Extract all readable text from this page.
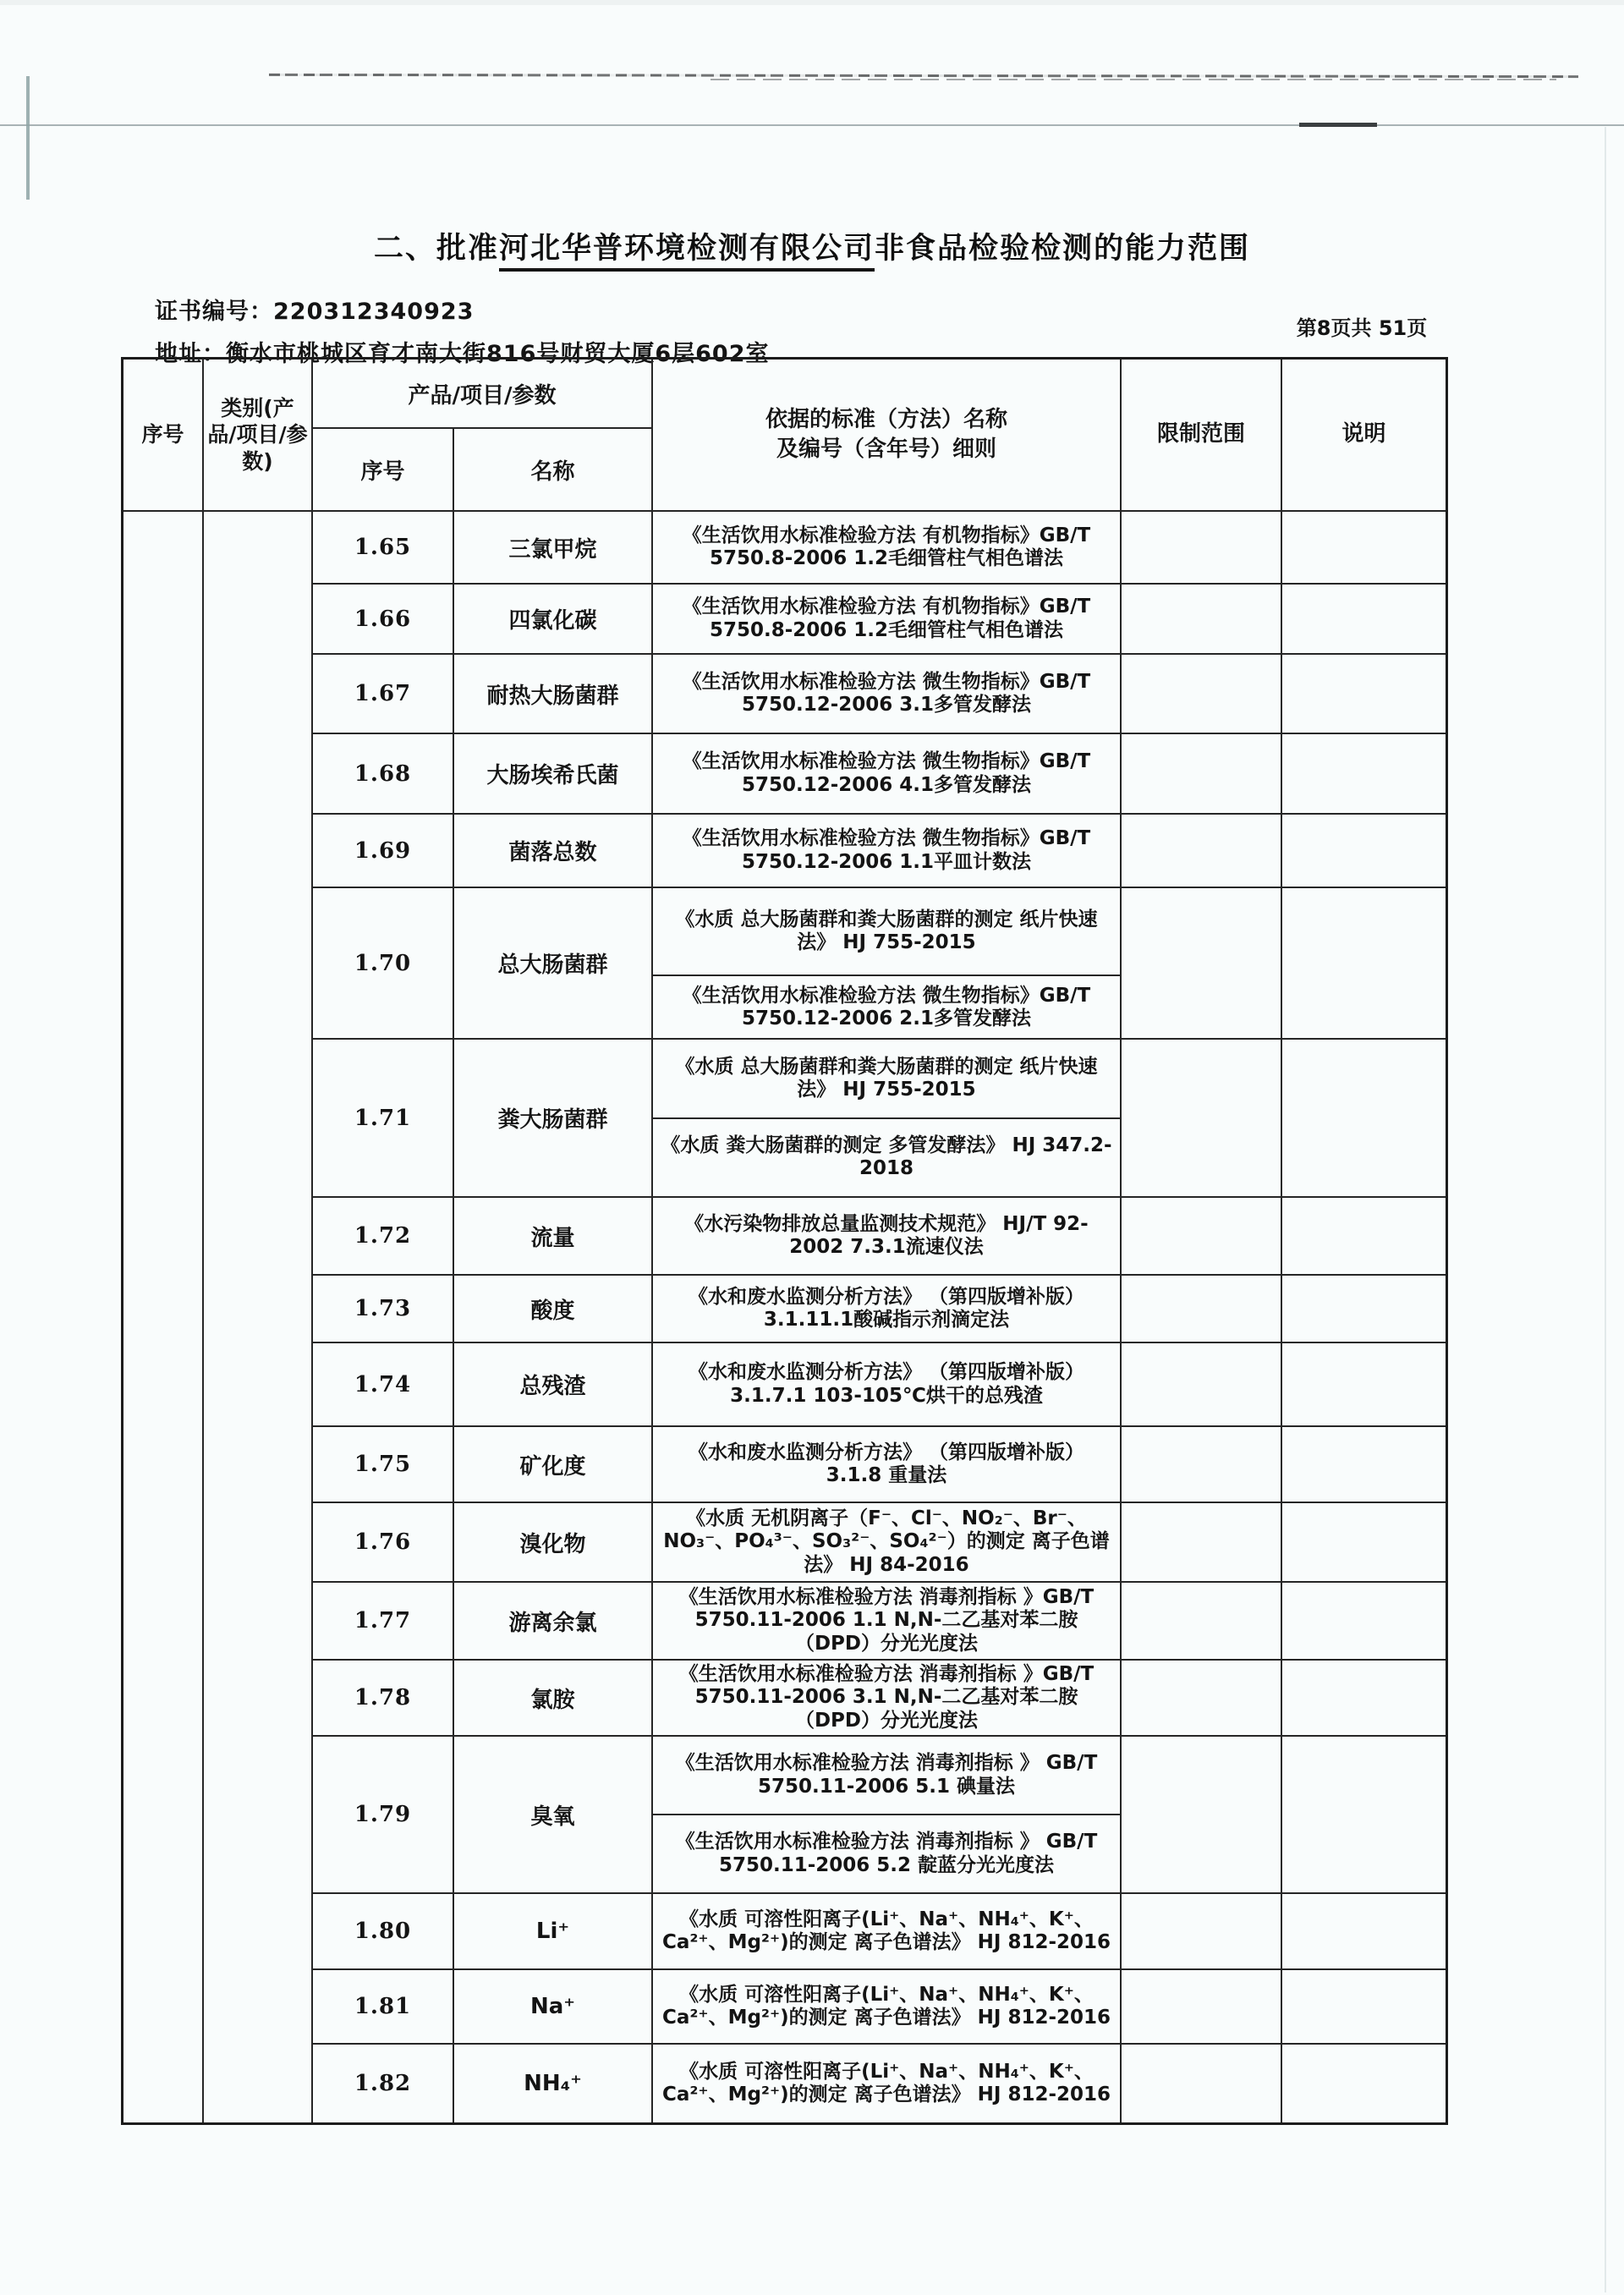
二、批准河北华普环境检测有限公司非食品检验检测的能力范围
证书编号：220312340923
地址：衡水市桃城区育才南大街816号财贸大厦6层602室
第8页共 51页
序号
类别(产品/项目/参数)
产品/项目/参数
序号	名称
依据的标准（方法）名称
及编号（含年号）细则
限制范围	说明
1.65	三氯甲烷
《生活饮用水标准检验方法 有机物指标》GB/T 5750.8-2006 1.2毛细管柱气相色谱法
1.66	四氯化碳
《生活饮用水标准检验方法 有机物指标》GB/T 5750.8-2006 1.2毛细管柱气相色谱法
1.67	耐热大肠菌群
《生活饮用水标准检验方法 微生物指标》GB/T 5750.12-2006 3.1多管发酵法
1.68	大肠埃希氏菌
《生活饮用水标准检验方法 微生物指标》GB/T 5750.12-2006 4.1多管发酵法
1.69	菌落总数
《生活饮用水标准检验方法 微生物指标》GB/T 5750.12-2006 1.1平皿计数法
1.70	总大肠菌群
《水质 总大肠菌群和粪大肠菌群的测定 纸片快速法》 HJ 755-2015
《生活饮用水标准检验方法 微生物指标》GB/T 5750.12-2006 2.1多管发酵法
1.71	粪大肠菌群
《水质 总大肠菌群和粪大肠菌群的测定 纸片快速法》 HJ 755-2015
《水质 粪大肠菌群的测定 多管发酵法》 HJ 347.2-2018
1.72	流量
《水污染物排放总量监测技术规范》 HJ/T 92-2002 7.3.1流速仪法
1.73	酸度
《水和废水监测分析方法》 （第四版增补版） 3.1.11.1酸碱指示剂滴定法
1.74	总残渣
《水和废水监测分析方法》 （第四版增补版） 3.1.7.1 103-105℃烘干的总残渣
1.75	矿化度
《水和废水监测分析方法》 （第四版增补版） 3.1.8 重量法
1.76	溴化物
《水质 无机阴离子（F⁻、Cl⁻、NO₂⁻、Br⁻、NO₃⁻、PO₄³⁻、SO₃²⁻、SO₄²⁻）的测定 离子色谱法》 HJ 84-2016
1.77	游离余氯
《生活饮用水标准检验方法 消毒剂指标 》GB/T 5750.11-2006 1.1 N,N-二乙基对苯二胺（DPD）分光光度法
1.78	氯胺
《生活饮用水标准检验方法 消毒剂指标 》GB/T 5750.11-2006 3.1 N,N-二乙基对苯二胺（DPD）分光光度法
1.79	臭氧
《生活饮用水标准检验方法 消毒剂指标 》 GB/T 5750.11-2006 5.1 碘量法
《生活饮用水标准检验方法 消毒剂指标 》 GB/T 5750.11-2006 5.2 靛蓝分光光度法
1.80	Li⁺	《水质 可溶性阳离子(Li⁺、Na⁺、NH₄⁺、K⁺、Ca²⁺、Mg²⁺)的测定 离子色谱法》 HJ 812-2016
1.81	Na⁺	《水质 可溶性阳离子(Li⁺、Na⁺、NH₄⁺、K⁺、Ca²⁺、Mg²⁺)的测定 离子色谱法》 HJ 812-2016
1.82	NH₄⁺	《水质 可溶性阳离子(Li⁺、Na⁺、NH₄⁺、K⁺、Ca²⁺、Mg²⁺)的测定 离子色谱法》 HJ 812-2016
